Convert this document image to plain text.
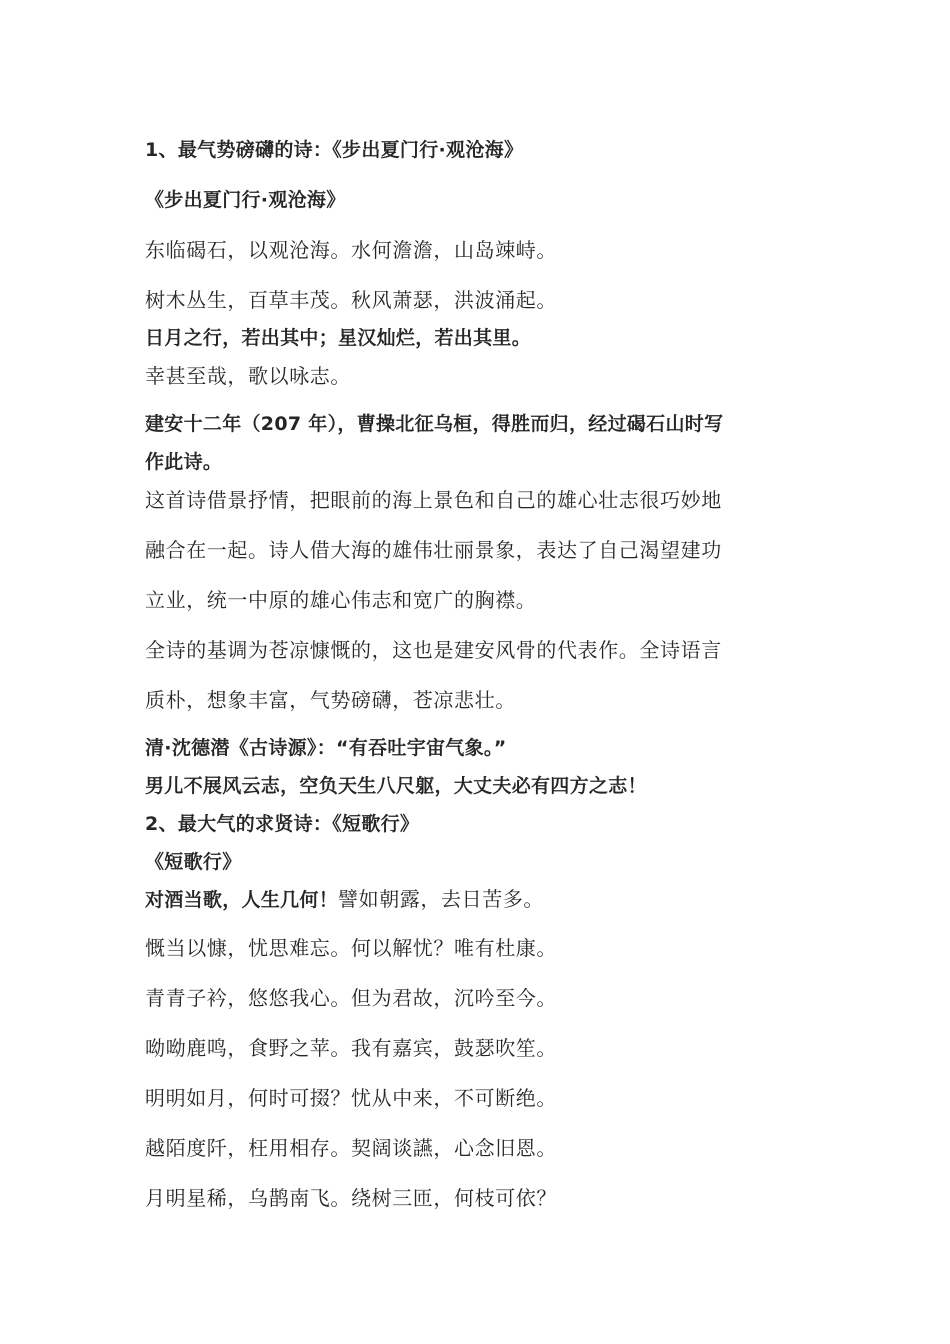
1、最气势磅礴的诗：《步出夏门行·观沧海》
《步出夏门行·观沧海》
东临碣石，以观沧海。水何澹澹，山岛竦峙。
树木丛生，百草丰茂。秋风萧瑟，洪波涌起。
日月之行，若出其中；星汉灿烂，若出其里。
幸甚至哉，歌以咏志。
建安十二年（207 年），曹操北征乌桓，得胜而归，经过碣石山时写
作此诗。
这首诗借景抒情，把眼前的海上景色和自己的雄心壮志很巧妙地
融合在一起。诗人借大海的雄伟壮丽景象，表达了自己渴望建功
立业，统一中原的雄心伟志和宽广的胸襟。
全诗的基调为苍凉慷慨的，这也是建安风骨的代表作。全诗语言
质朴，想象丰富，气势磅礴，苍凉悲壮。
清·沈德潜《古诗源》：“有吞吐宇宙气象。”
男儿不展风云志，空负天生八尺躯，大丈夫必有四方之志！
2、最大气的求贤诗：《短歌行》
《短歌行》
对酒当歌，人生几何！譬如朝露，去日苦多。
慨当以慷，忧思难忘。何以解忧？唯有杜康。
青青子衿，悠悠我心。但为君故，沉吟至今。
呦呦鹿鸣，食野之苹。我有嘉宾，鼓瑟吹笙。
明明如月，何时可掇？忧从中来，不可断绝。
越陌度阡，枉用相存。契阔谈讌，心念旧恩。
月明星稀，乌鹊南飞。绕树三匝，何枝可依？
